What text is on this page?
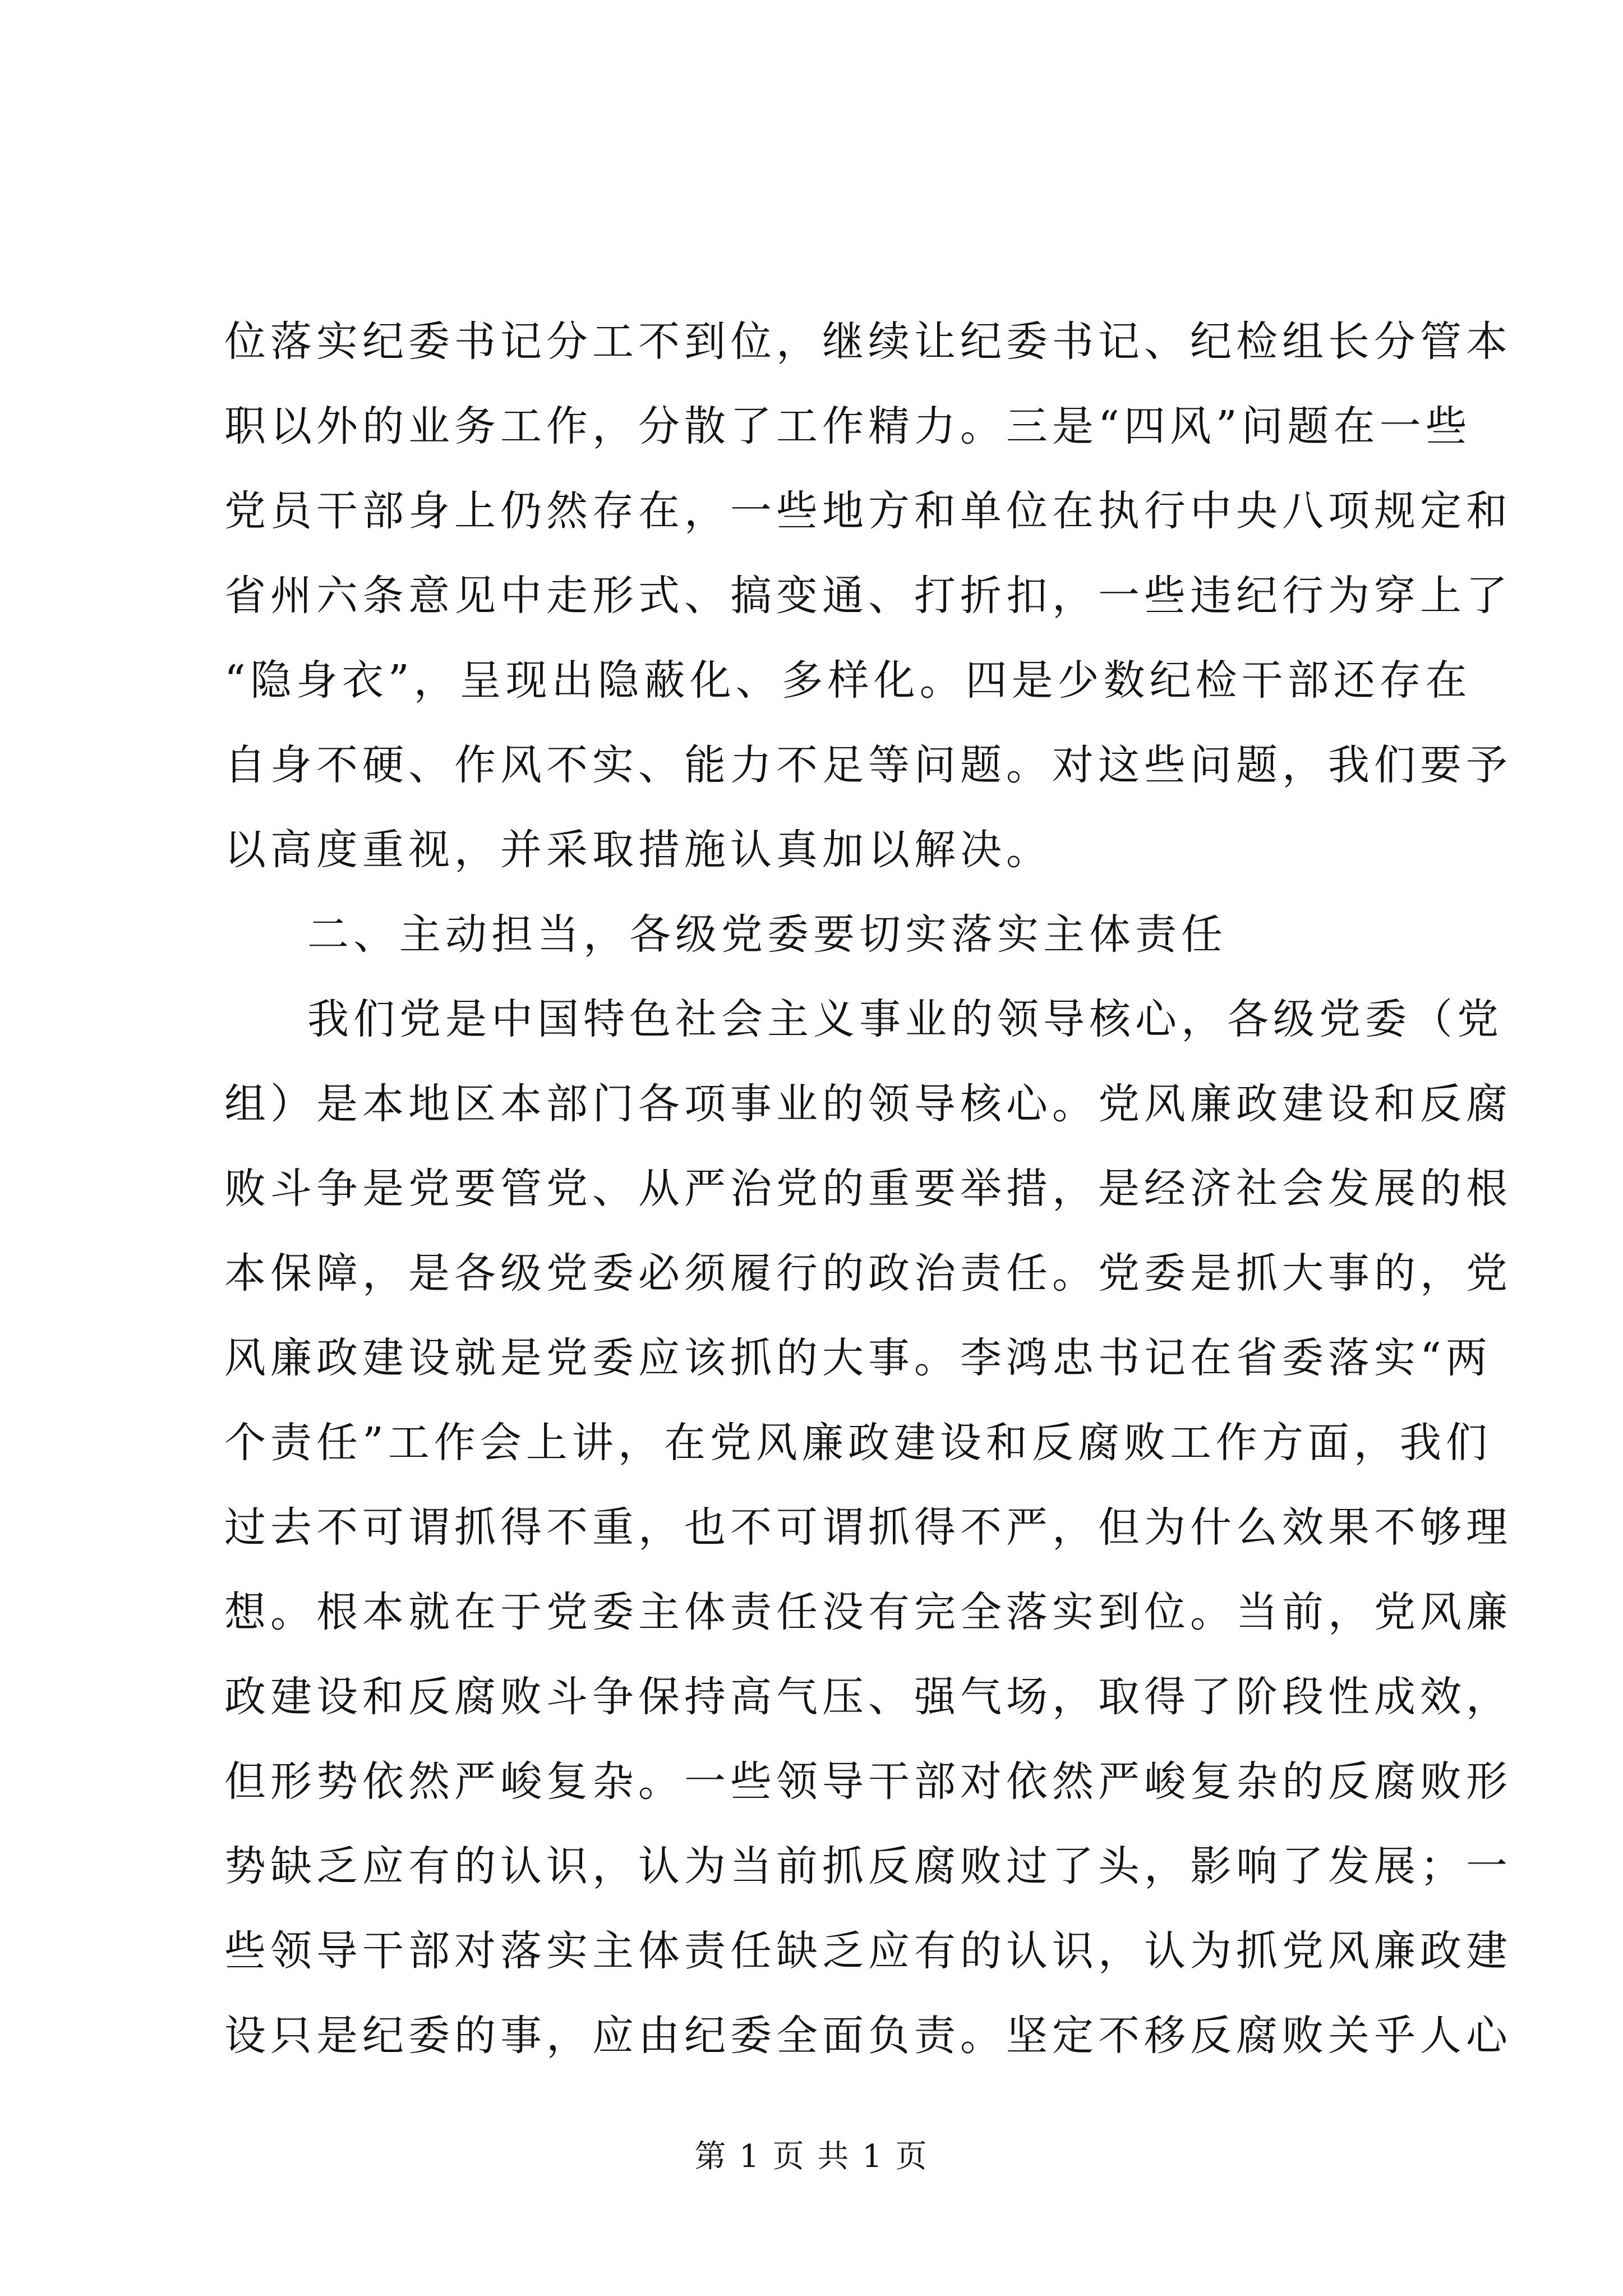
位落实纪委书记分工不到位，继续让纪委书记、纪检组长分管本
职以外的业务工作，分散了工作精力。三是“四风”问题在一些
党员干部身上仍然存在，一些地方和单位在执行中央八项规定和
省州六条意见中走形式、搞变通、打折扣，一些违纪行为穿上了
“隐身衣”，呈现出隐蔽化、多样化。四是少数纪检干部还存在
自身不硬、作风不实、能力不足等问题。对这些问题，我们要予
以高度重视，并采取措施认真加以解决。
二、主动担当，各级党委要切实落实主体责任
我们党是中国特色社会主义事业的领导核心，各级党委（党
组）是本地区本部门各项事业的领导核心。党风廉政建设和反腐
败斗争是党要管党、从严治党的重要举措，是经济社会发展的根
本保障，是各级党委必须履行的政治责任。党委是抓大事的，党
风廉政建设就是党委应该抓的大事。李鸿忠书记在省委落实“两
个责任”工作会上讲，在党风廉政建设和反腐败工作方面，我们
过去不可谓抓得不重，也不可谓抓得不严，但为什么效果不够理
想。根本就在于党委主体责任没有完全落实到位。当前，党风廉
政建设和反腐败斗争保持高气压、强气场，取得了阶段性成效，
但形势依然严峻复杂。一些领导干部对依然严峻复杂的反腐败形
势缺乏应有的认识，认为当前抓反腐败过了头，影响了发展；一
些领导干部对落实主体责任缺乏应有的认识，认为抓党风廉政建
设只是纪委的事，应由纪委全面负责。坚定不移反腐败关乎人心
第 1 页 共 1 页
